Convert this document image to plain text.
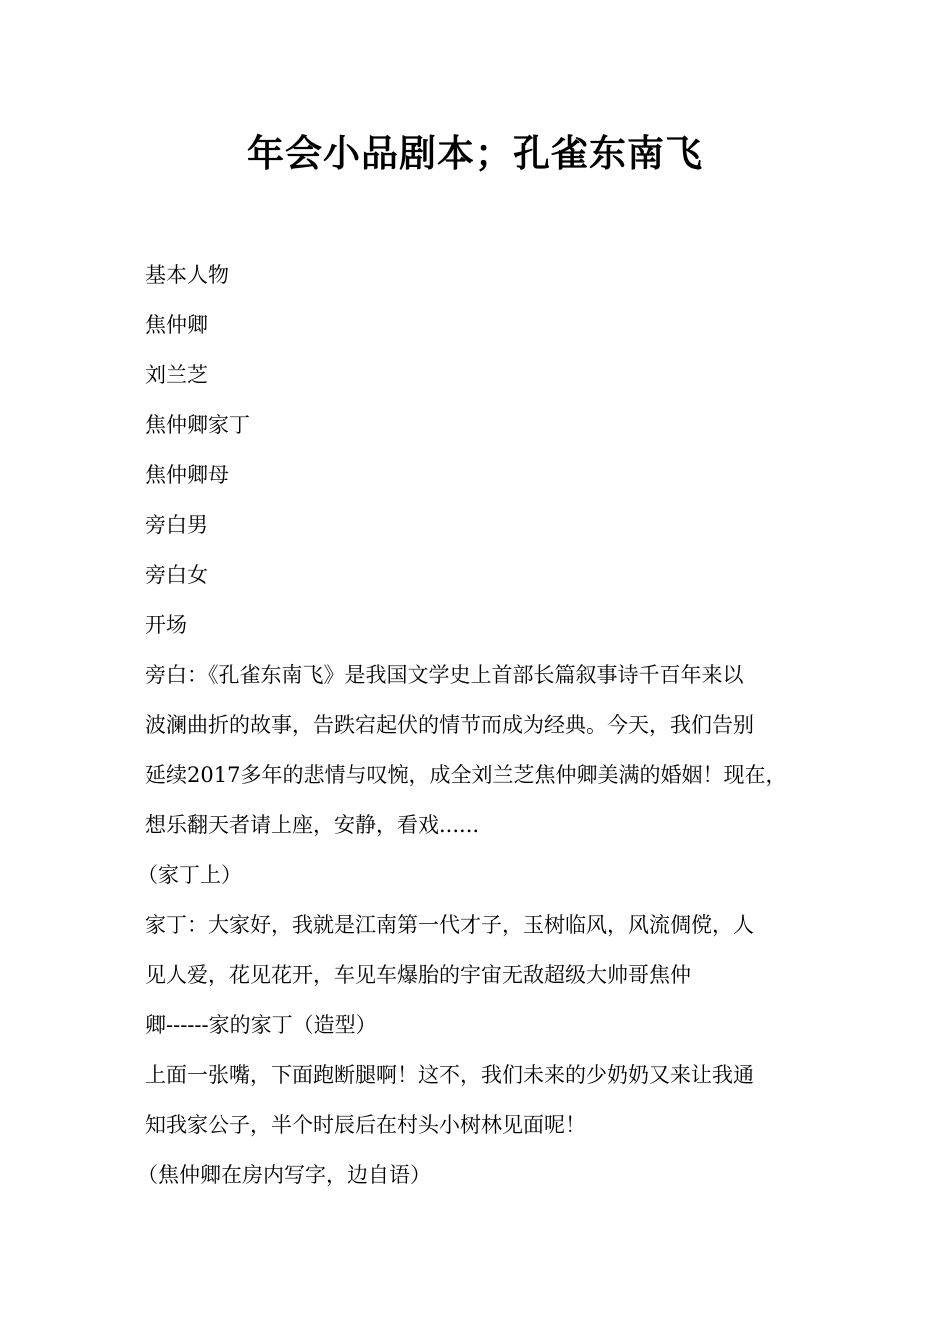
年会小品剧本；孔雀东南飞

基本人物

焦仲卿

刘兰芝

焦仲卿家丁

焦仲卿母

旁白男

旁白女

开场

旁白：《孔雀东南飞》是我国文学史上首部长篇叙事诗千百年来以

波澜曲折的故事，告跌宕起伏的情节而成为经典。今天，我们告别

延续2017多年的悲情与叹惋，成全刘兰芝焦仲卿美满的婚姻！现在，

想乐翻天者请上座，安静，看戏......

（家丁上）

家丁：大家好，我就是江南第一代才子，玉树临风，风流倜傥，人

见人爱，花见花开，车见车爆胎的宇宙无敌超级大帅哥焦仲

卿------家的家丁（造型）

上面一张嘴，下面跑断腿啊！这不，我们未来的少奶奶又来让我通

知我家公子，半个时辰后在村头小树林见面呢！

（焦仲卿在房内写字，边自语）
